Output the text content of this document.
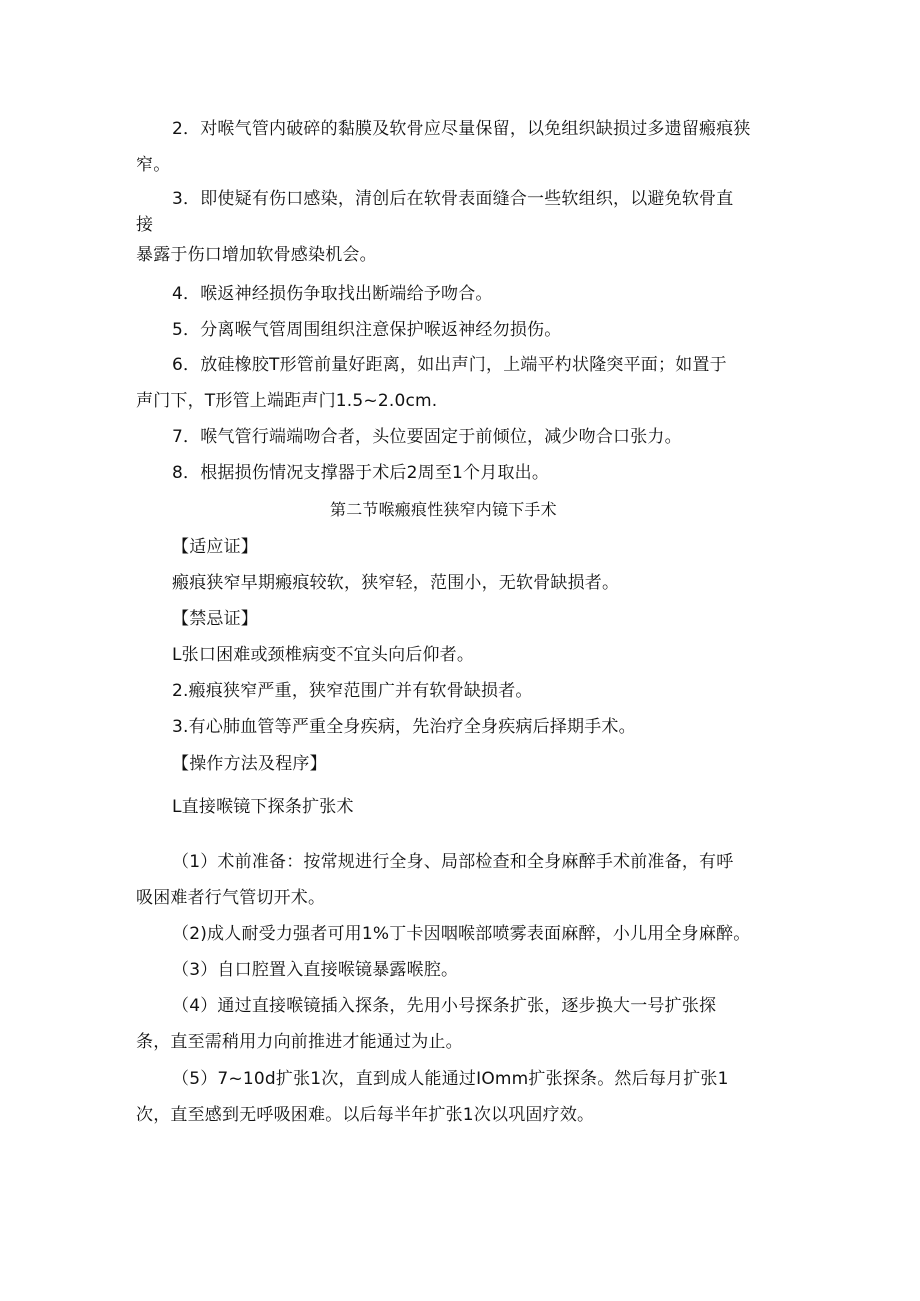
2．对喉气管内破碎的黏膜及软骨应尽量保留，以免组织缺损过多遗留瘢痕狭
窄。
3．即使疑有伤口感染，清创后在软骨表面缝合一些软组织，以避免软骨直
接
暴露于伤口增加软骨感染机会。
4．喉返神经损伤争取找出断端给予吻合。
5．分离喉气管周围组织注意保护喉返神经勿损伤。
6．放硅橡胶T形管前量好距离，如出声门，上端平杓状隆突平面；如置于
声门下，T形管上端距声门1.5~2.0cm.
7．喉气管行端端吻合者，头位要固定于前倾位，减少吻合口张力。
8．根据损伤情况支撑器于术后2周至1个月取出。
第二节喉瘢痕性狭窄内镜下手术
【适应证】
瘢痕狭窄早期瘢痕较软，狭窄轻，范围小，无软骨缺损者。
【禁忌证】
L张口困难或颈椎病变不宜头向后仰者。
2.瘢痕狭窄严重，狭窄范围广并有软骨缺损者。
3.有心肺血管等严重全身疾病，先治疗全身疾病后择期手术。
【操作方法及程序】
L直接喉镜下探条扩张术
（1）术前准备：按常规进行全身、局部检查和全身麻醉手术前准备，有呼
吸困难者行气管切开术。
（2)成人耐受力强者可用1%丁卡因咽喉部喷雾表面麻醉，小儿用全身麻醉。
（3）自口腔置入直接喉镜暴露喉腔。
（4）通过直接喉镜插入探条，先用小号探条扩张，逐步换大一号扩张探
条，直至需稍用力向前推进才能通过为止。
（5）7~10d扩张1次，直到成人能通过IOmm扩张探条。然后每月扩张1
次，直至感到无呼吸困难。以后每半年扩张1次以巩固疗效。
